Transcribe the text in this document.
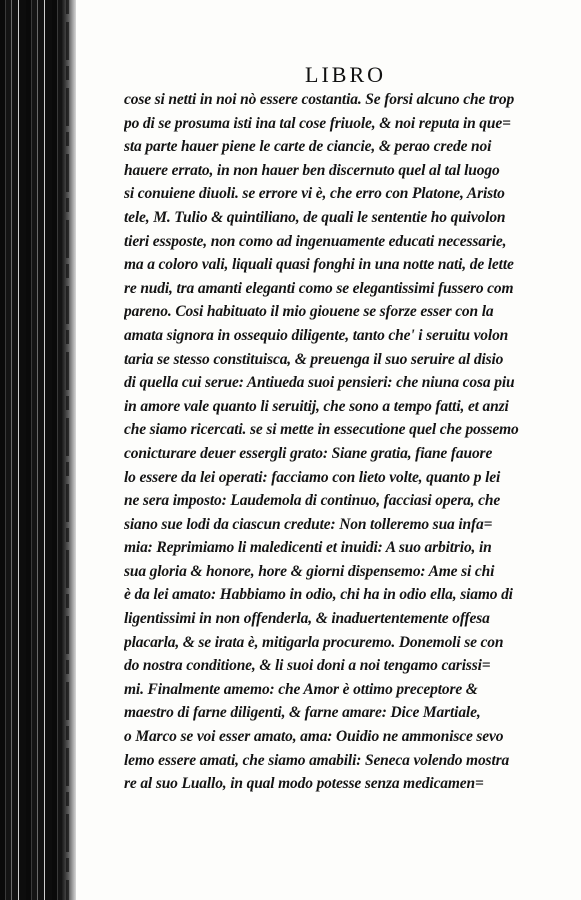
LIBRO
cose si netti in noi nò essere costantia. Se forsi alcuno che trop
po di se prosuma isti ina tal cose friuole, & noi reputa in que=
sta parte hauer piene le carte de ciancie, & perao crede noi
hauere errato, in non hauer ben discernuto quel al tal luogo
si conuiene diuoli. se errore vi è, che erro con Platone, Aristo
tele, M. Tulio & quintiliano, de quali le sententie ho quivolon
tieri essposte, non como ad ingenuamente educati necessarie,
ma a coloro vali, liquali quasi fonghi in una notte nati, de lette
re nudi, tra amanti eleganti como se elegantissimi fussero com
pareno. Cosi habituato il mio giouene se sforze esser con la
amata signora in ossequio diligente, tanto che' i seruitu volon
taria se stesso constituisca, & preuenga il suo seruire al disio
di quella cui serue: Antiueda suoi pensieri: che niuna cosa piu
in amore vale quanto li seruitij, che sono a tempo fatti, et anzi
che siamo ricercati. se si mette in essecutione quel che possemo
conicturare deuer essergli grato: Siane gratia, fiane fauore
lo essere da lei operati: facciamo con lieto volte, quanto p lei
ne sera imposto: Laudemola di continuo, facciasi opera, che
siano sue lodi da ciascun credute: Non tolleremo sua infa=
mia: Reprimiamo li maledicenti et inuidi: A suo arbitrio, in
sua gloria & honore, hore & giorni dispensemo: Ame si chi
è da lei amato: Habbiamo in odio, chi ha in odio ella, siamo di
ligentissimi in non offenderla, & inaduertentemente offesa
placarla, & se irata è, mitigarla procuremo. Donemoli se con
do nostra conditione, & li suoi doni a noi tengamo carissi=
mi. Finalmente amemo: che Amor è ottimo preceptore &
maestro di farne diligenti, & farne amare: Dice Martiale,
o Marco se voi esser amato, ama: Ouidio ne ammonisce sevo
lemo essere amati, che siamo amabili: Seneca volendo mostra
re al suo Luallo, in qual modo potesse senza medicamen=
